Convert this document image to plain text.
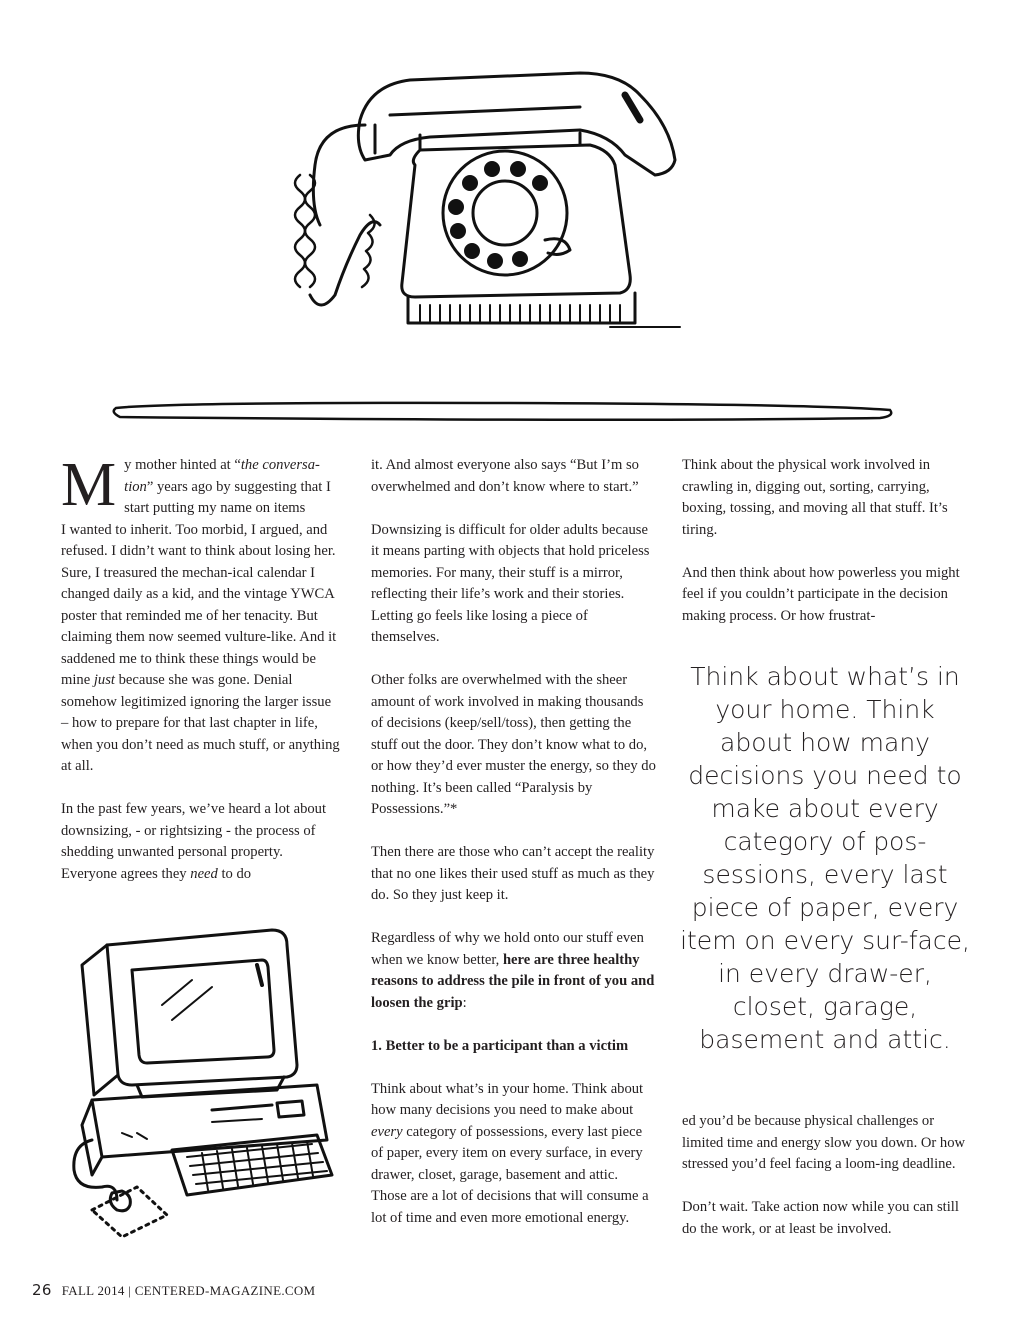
My mother hinted at “the conversa-tion” years ago by suggesting that I start putting my name on items
I wanted to inherit. Too morbid, I argued, and refused. I didn’t want to think about losing her. Sure, I treasured the mechan-ical calendar I changed daily as a kid, and the vintage YWCA poster that reminded me of her tenacity. But claiming them now seemed vulture-like. And it saddened me to think these things would be mine just because she was gone. Denial somehow legitimized ignoring the larger issue – how to prepare for that last chapter in life, when you don’t need as much stuff, or anything at all.

In the past few years, we’ve heard a lot about downsizing, - or rightsizing - the process of shedding unwanted personal property. Everyone agrees they need to do

it. And almost everyone also says “But I’m so overwhelmed and don’t know where to start.”

Downsizing is difficult for older adults because it means parting with objects that hold priceless memories. For many, their stuff is a mirror, reflecting their life’s work and their stories. Letting go feels like losing a piece of themselves.

Other folks are overwhelmed with the sheer amount of work involved in making thousands of decisions (keep/sell/toss), then getting the stuff out the door. They don’t know what to do, or how they’d ever muster the energy, so they do nothing. It’s been called “Paralysis by Possessions.”*

Then there are those who can’t accept the reality that no one likes their used stuff as much as they do. So they just keep it.

Regardless of why we hold onto our stuff even when we know better, here are three healthy reasons to address the pile in front of you and loosen the grip:

1. Better to be a participant than a victim

Think about what’s in your home. Think about how many decisions you need to make about every category of possessions, every last piece of paper, every item on every surface, in every drawer, closet, garage, basement and attic. Those are a lot of decisions that will consume a lot of time and even more emotional energy.

Think about the physical work involved in crawling in, digging out, sorting, carrying, boxing, tossing, and moving all that stuff. It’s tiring.

And then think about how powerless you might feel if you couldn’t participate in the decision making process. Or how frustrat-

Think about what’s in your home. Think about how many decisions you need to make about every category of pos-sessions, every last piece of paper, every item on every sur-face, in every draw-er, closet, garage, basement and attic.

ed you’d be because physical challenges or limited time and energy slow you down. Or how stressed you’d feel facing a loom-ing deadline.

Don’t wait. Take action now while you can still do the work, or at least be involved.

26 FALL 2014 | CENTERED-MAGAZINE.COM
